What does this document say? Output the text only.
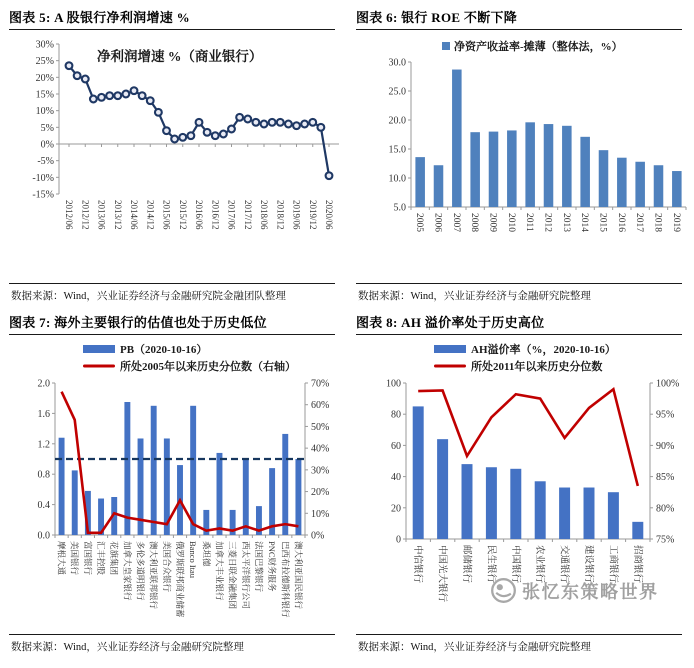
图表 5: A 股银行净利润增速 %
30%
25%
20%
15%
10%
5%
0%
-5%
-10%
-15%
2012/06 2012/12 2013/06 2013/12 2014/06 2014/12 2015/06 2015/12 2016/06 2016/12 2017/06 2017/12 2018/06 2018/12 2019/06 2019/12 2020/06
净利润增速 %（商业银行）
数据来源：Wind，兴业证券经济与金融研究院金融团队整理
图表 6: 银行 ROE 不断下降
净资产收益率-摊薄（整体法，%）
30.0
25.0
20.0
15.0
10.0
5.0
2005 2006 2007 2008 2009 2010 2011 2012 2013 2014 2015 2016 2017 2018 2019
数据来源：Wind，兴业证券经济与金融研究院整理
图表 7: 海外主要银行的估值也处于历史低位
PB（2020-10-16）
所处2005年以来历史分位数（右轴）
2.0
1.6
1.2
0.8
0.4
0.0
70%
60%
50%
40%
30%
20%
10%
0%
摩根大通 美国银行 富国银行 汇丰控股 花旗集团 加拿大皇家银行 多伦多道明银行 澳大利亚联邦银行 美国合众银行 俄罗斯联邦商业储蓄 Banco Itau 桑坦德 加拿大丰业银行 三菱日联金融集团 西太平洋银行公司 法国巴黎银行 PNC财务服务 巴西布拉德斯科银行 澳大利亚国民银行
数据来源：Wind，兴业证券经济与金融研究院整理
图表 8: AH 溢价率处于历史高位
AH溢价率（%，2020-10-16）
所处2011年以来历史分位数
100
80
60
40
20
0
100%
95%
90%
85%
80%
75%
中信银行 中国光大银行 邮储银行 民生银行 中国银行 农业银行 交通银行 建设银行 工商银行 招商银行
数据来源：Wind，兴业证券经济与金融研究院整理
张忆东策略世界
